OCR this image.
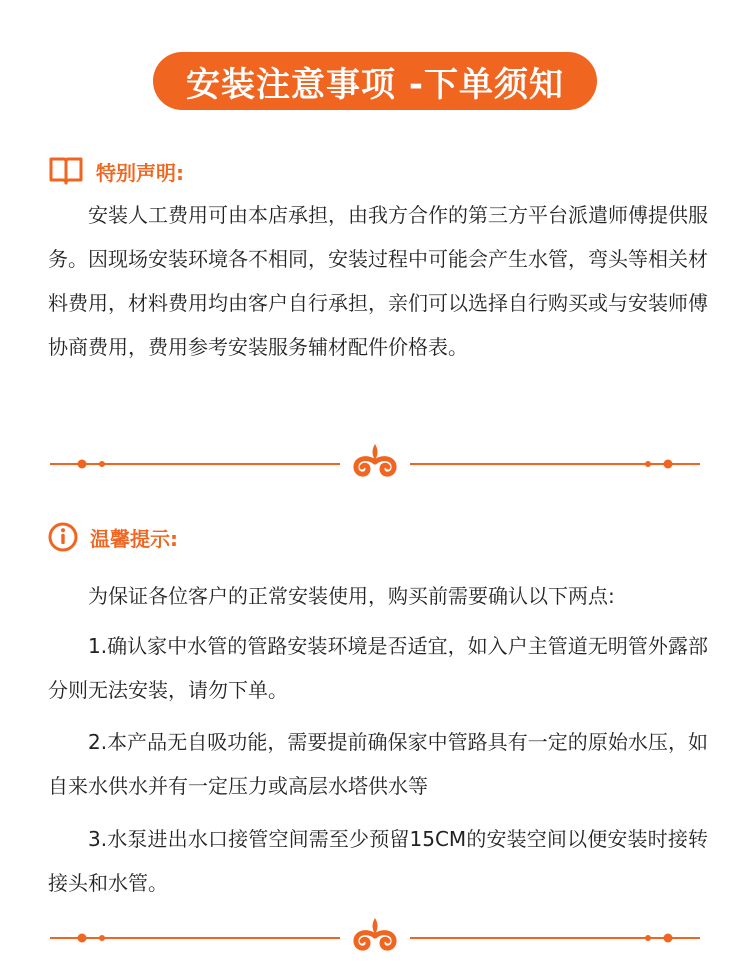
安装注意事项 -下单须知
特别声明:

安装人工费用可由本店承担，由我方合作的第三方平台派遣师傅提供服务。因现场安装环境各不相同，安装过程中可能会产生水管，弯头等相关材料费用，材料费用均由客户自行承担，亲们可以选择自行购买或与安装师傅协商费用，费用参考安装服务辅材配件价格表。

温馨提示:

为保证各位客户的正常安装使用，购买前需要确认以下两点:

1.确认家中水管的管路安装环境是否适宜，如入户主管道无明管外露部分则无法安装，请勿下单。

2.本产品无自吸功能，需要提前确保家中管路具有一定的原始水压，如自来水供水并有一定压力或高层水塔供水等

3.水泵进出水口接管空间需至少预留15CM的安装空间以便安装时接转接头和水管。
